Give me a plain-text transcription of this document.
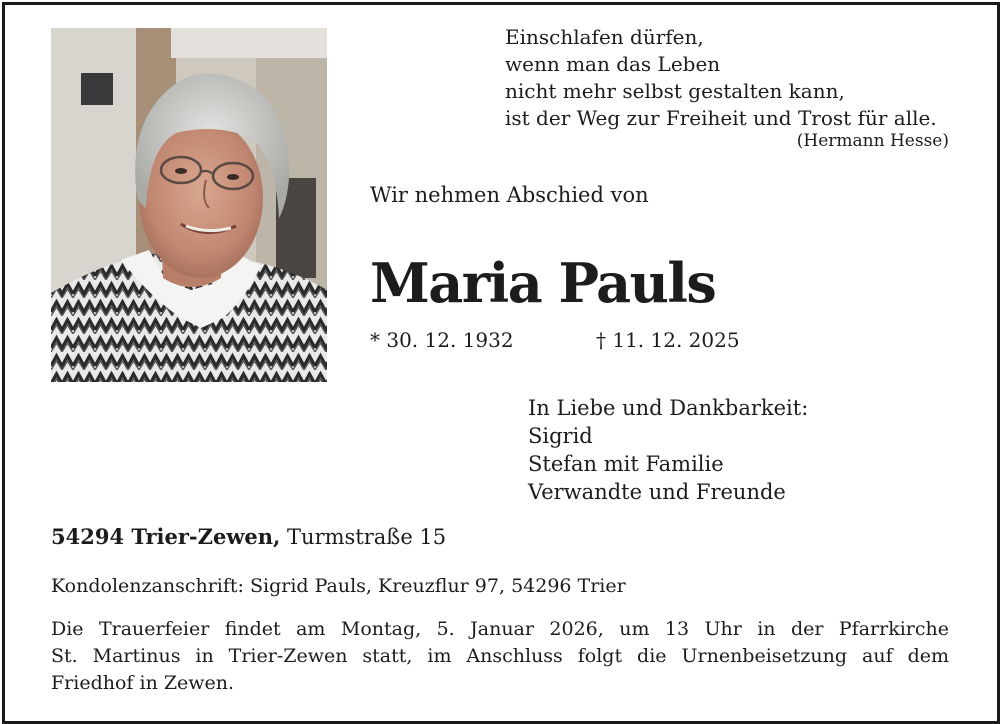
Einschlafen dürfen,
wenn man das Leben
nicht mehr selbst gestalten kann,
ist der Weg zur Freiheit und Trost für alle.
(Hermann Hesse)
Wir nehmen Abschied von
Maria Pauls
* 30. 12. 1932	† 11. 12. 2025
In Liebe und Dankbarkeit:
Sigrid
Stefan mit Familie
Verwandte und Freunde
54294 Trier-Zewen, Turmstraße 15
Kondolenzanschrift: Sigrid Pauls, Kreuzflur 97, 54296 Trier
Die Trauerfeier findet am Montag, 5. Januar 2026, um 13 Uhr in der Pfarrkirche
St. Martinus in Trier-Zewen statt, im Anschluss folgt die Urnenbeisetzung auf dem
Friedhof in Zewen.
